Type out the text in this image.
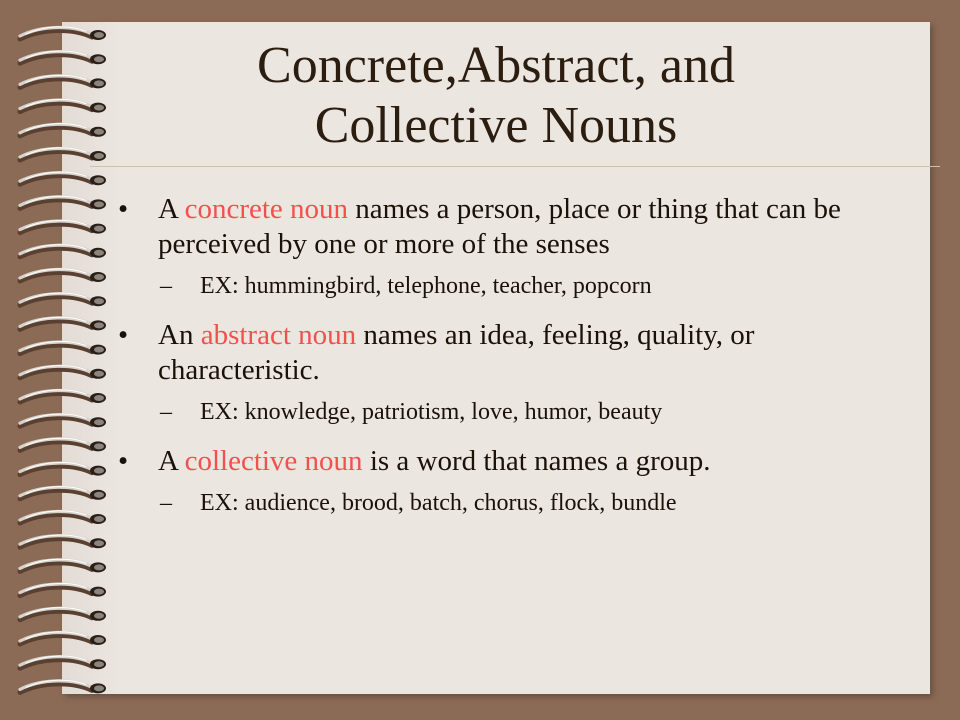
Concrete,Abstract, and
Collective Nouns

• A concrete noun names a person, place or thing that can be perceived by one or more of the senses

– EX: hummingbird, telephone, teacher, popcorn

• An abstract noun names an idea, feeling, quality, or characteristic.

– EX: knowledge, patriotism, love, humor, beauty

• A collective noun is a word that names a group.

– EX: audience, brood, batch, chorus, flock, bundle
